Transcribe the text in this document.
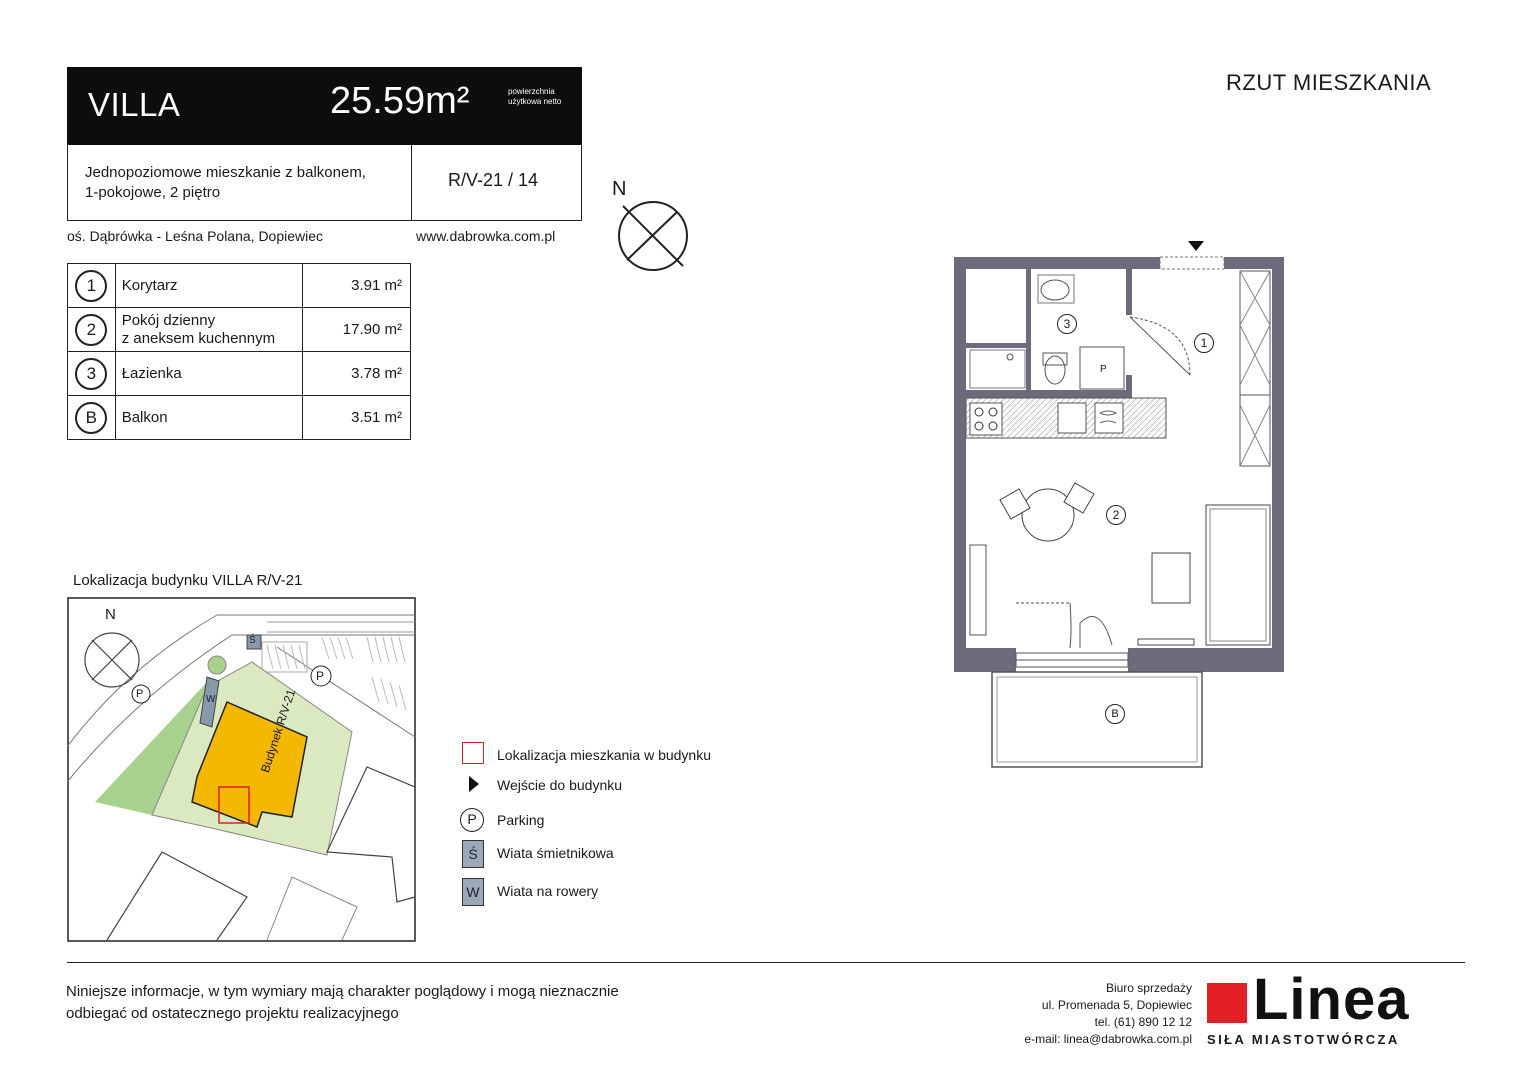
VILLA	25.59m²	powierzchnia użytkowa netto
Jednopoziomowe mieszkanie z balkonem,
1-pokojowe, 2 piętro
R/V-21 / 14
oś. Dąbrówka - Leśna Polana, Dopiewiec	www.dabrowka.com.pl
RZUT MIESZKANIA
N
1	Korytarz	3.91 m²
2	Pokój dzienny
z aneksem kuchennym	17.90 m²
3	Łazienka	3.78 m²
B	Balkon	3.51 m²
Lokalizacja budynku VILLA R/V-21
N
P
P
Ś
W	Budynek R/V-21	Lokalizacja mieszkania w budynku
Wejście do budynku
P	Parking
Ś	Wiata śmietnikowa
W	Wiata na rowery
3
1
2
B
P
Niniejsze informacje, w tym wymiary mają charakter poglądowy i mogą nieznacznie
odbiegać od ostatecznego projektu realizacyjnego
Biuro sprzedaży
ul. Promenada 5, Dopiewiec
tel. (61) 890 12 12
e-mail: linea@dabrowka.com.pl
Linea
SIŁA MIASTOTWÓRCZA
